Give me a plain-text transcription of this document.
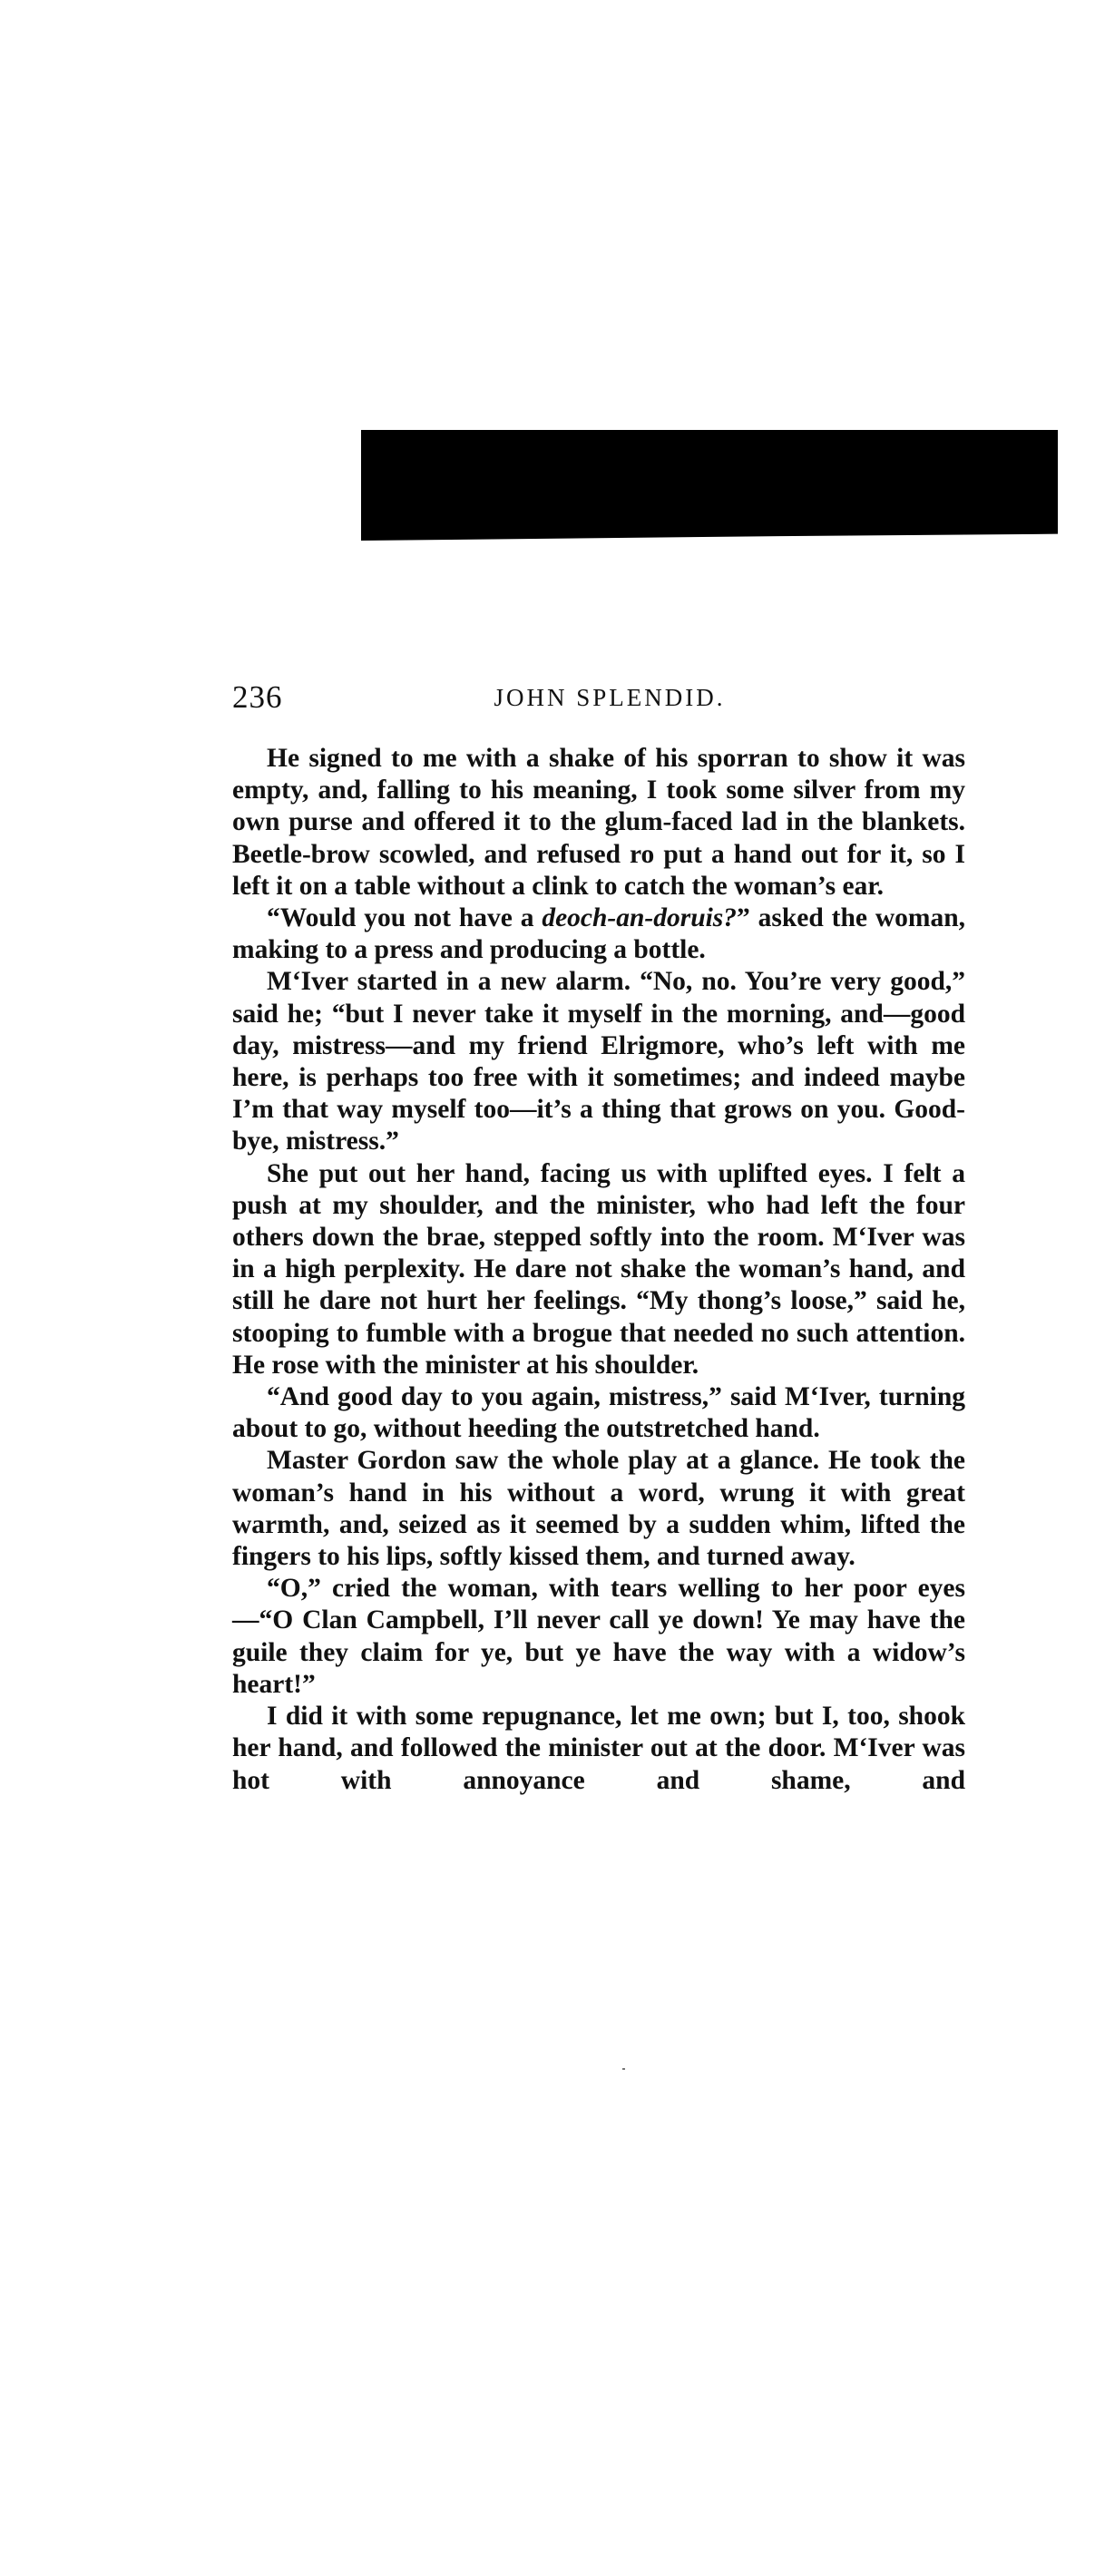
236	JOHN SPLENDID.

He signed to me with a shake of his sporran to show it was empty, and, falling to his meaning, I took some silver from my own purse and offered it to the glum-faced lad in the blankets. Beetle-brow scowled, and refused ro put a hand out for it, so I left it on a table without a clink to catch the woman’s ear.

“Would you not have a deoch-an-doruis?” asked the woman, making to a press and producing a bottle.

M‘Iver started in a new alarm. “No, no. You’re very good,” said he; “but I never take it myself in the morning, and—good day, mistress—and my friend Elrigmore, who’s left with me here, is perhaps too free with it sometimes; and indeed maybe I’m that way myself too—it’s a thing that grows on you. Good-bye, mistress.”

She put out her hand, facing us with uplifted eyes. I felt a push at my shoulder, and the minister, who had left the four others down the brae, stepped softly into the room. M‘Iver was in a high perplexity. He dare not shake the woman’s hand, and still he dare not hurt her feelings. “My thong’s loose,” said he, stooping to fumble with a brogue that needed no such attention. He rose with the minister at his shoulder.

“And good day to you again, mistress,” said M‘Iver, turning about to go, without heeding the outstretched hand.

Master Gordon saw the whole play at a glance. He took the woman’s hand in his without a word, wrung it with great warmth, and, seized as it seemed by a sudden whim, lifted the fingers to his lips, softly kissed them, and turned away.

“O,” cried the woman, with tears welling to her poor eyes—“O Clan Campbell, I’ll never call ye down! Ye may have the guile they claim for ye, but ye have the way with a widow’s heart!”

I did it with some repugnance, let me own; but I, too, shook her hand, and followed the minister out at the door. M‘Iver was hot with annoyance and shame, and
